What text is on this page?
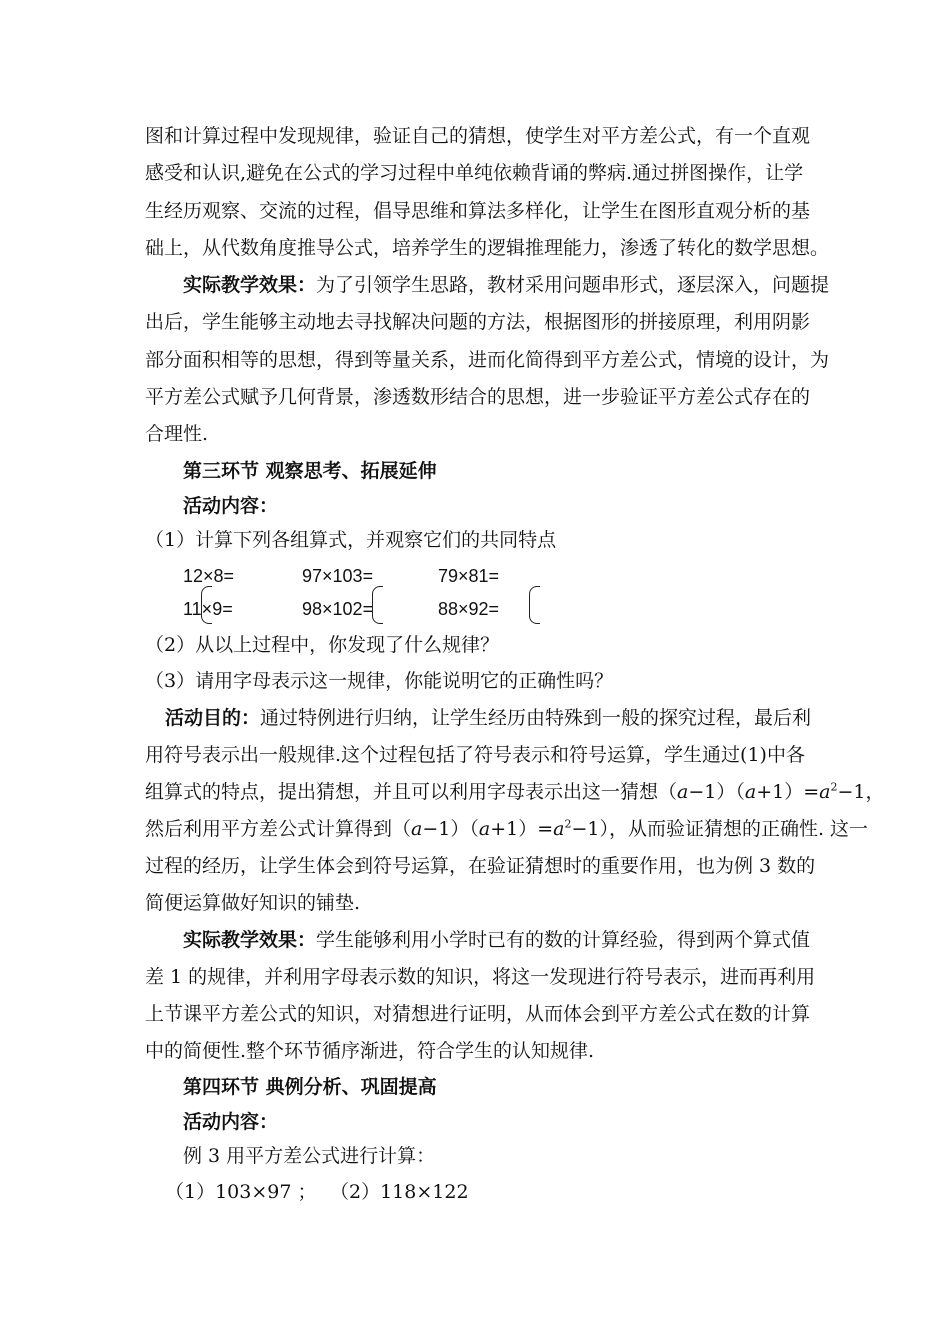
图和计算过程中发现规律，验证自己的猜想，使学生对平方差公式，有一个直观
感受和认识,避免在公式的学习过程中单纯依赖背诵的弊病.通过拼图操作，让学
生经历观察、交流的过程，倡导思维和算法多样化，让学生在图形直观分析的基
础上，从代数角度推导公式，培养学生的逻辑推理能力，渗透了转化的数学思想。
实际教学效果：为了引领学生思路，教材采用问题串形式，逐层深入，问题提
出后，学生能够主动地去寻找解决问题的方法，根据图形的拼接原理，利用阴影
部分面积相等的思想，得到等量关系，进而化简得到平方差公式，情境的设计，为
平方差公式赋予几何背景，渗透数形结合的思想，进一步验证平方差公式存在的
合理性.
第三环节 观察思考、拓展延伸
活动内容：
（1）计算下列各组算式，并观察它们的共同特点
12×8=	97×103=	79×81=
11×9=	98×102=	88×92=
（2）从以上过程中，你发现了什么规律？
（3）请用字母表示这一规律，你能说明它的正确性吗？
活动目的：通过特例进行归纳，让学生经历由特殊到一般的探究过程，最后利
用符号表示出一般规律.这个过程包括了符号表示和符号运算，学生通过(1)中各
组算式的特点，提出猜想，并且可以利用字母表示出这一猜想$(a-1)(a+1)=a^2-1$，
然后利用平方差公式计算得到$(a-1)(a+1)=a^2-1$），从而验证猜想的正确性. 这一
过程的经历，让学生体会到符号运算，在验证猜想时的重要作用，也为例 3 数的
简便运算做好知识的铺垫.
实际教学效果：学生能够利用小学时已有的数的计算经验，得到两个算式值
差 1 的规律，并利用字母表示数的知识，将这一发现进行符号表示，进而再利用
上节课平方差公式的知识，对猜想进行证明，从而体会到平方差公式在数的计算
中的简便性.整个环节循序渐进，符合学生的认知规律.
第四环节 典例分析、巩固提高
活动内容：
例 3 用平方差公式进行计算：
（1）103×97 ； （2）118×122
